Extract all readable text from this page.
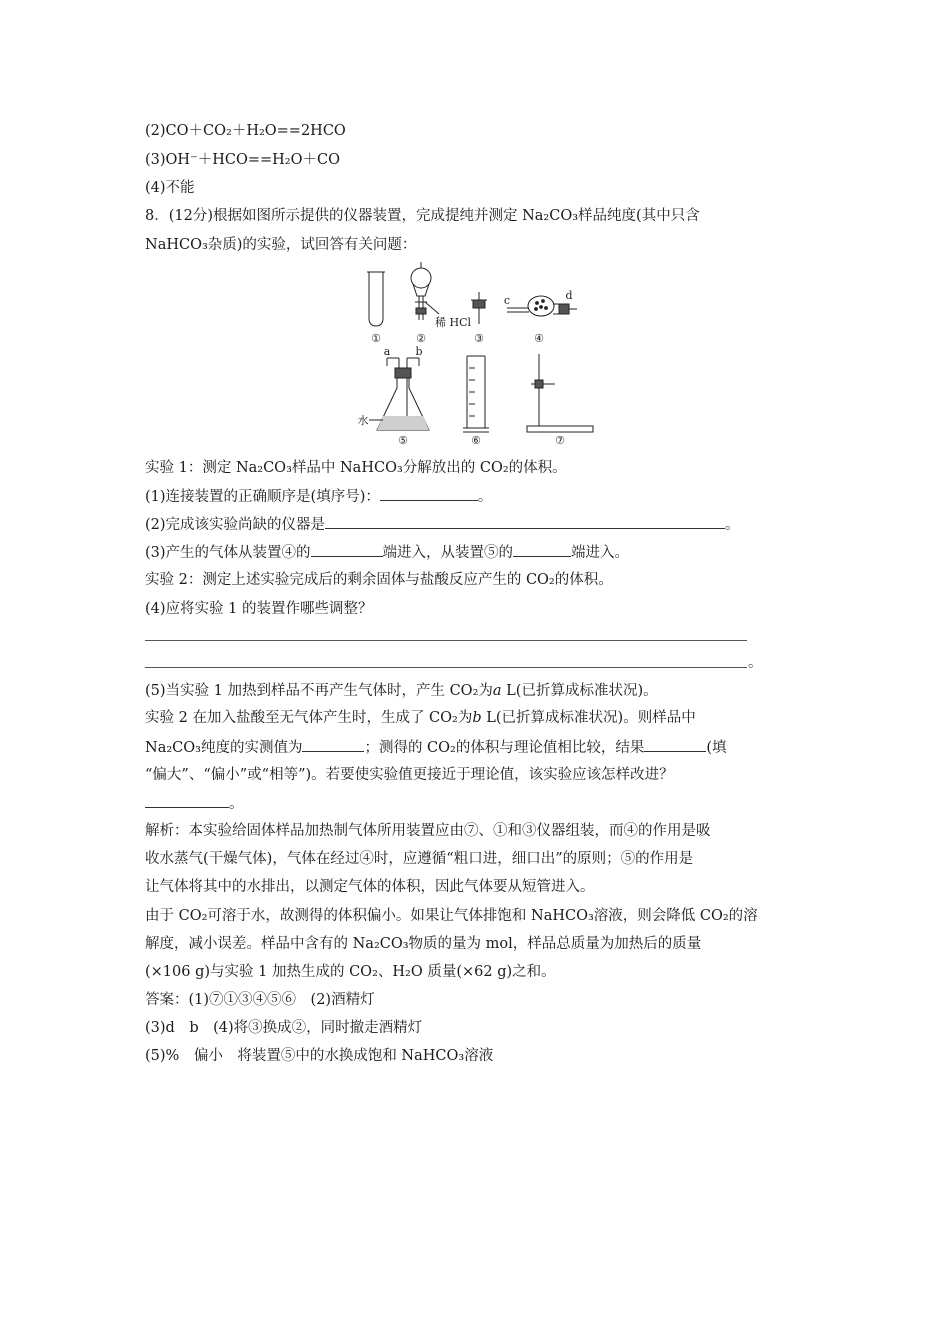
(2)CO＋CO₂＋H₂O==2HCO
(3)OH⁻＋HCO==H₂O＋CO
(4)不能
8．(12分)根据如图所示提供的仪器装置，完成提纯并测定 Na₂CO₃样品纯度(其中只含
NaHCO₃杂质)的实验，试回答有关问题：
①	②
稀 HCl
③
c	d
④
a b
水
⑤	⑥	⑦
实验 1：测定 Na₂CO₃样品中 NaHCO₃分解放出的 CO₂的体积。
(1)连接装置的正确顺序是(填序号)：	。
(2)完成该实验尚缺的仪器是	。
(3)产生的气体从装置④的	端进入，从装置⑤的	端进入。
实验 2：测定上述实验完成后的剩余固体与盐酸反应产生的 CO₂的体积。
(4)应将实验 1 的装置作哪些调整？
。
(5)当实验 1 加热到样品不再产生气体时，产生 CO₂为a L(已折算成标准状况)。
实验 2 在加入盐酸至无气体产生时，生成了 CO₂为b L(已折算成标准状况)。则样品中
Na₂CO₃纯度的实测值为	；测得的 CO₂的体积与理论值相比较，结果	(填
“偏大”、“偏小”或“相等”)。若要使实验值更接近于理论值，该实验应该怎样改进？
。
解析：本实验给固体样品加热制气体所用装置应由⑦、①和③仪器组装，而④的作用是吸
收水蒸气(干燥气体)，气体在经过④时，应遵循“粗口进，细口出”的原则；⑤的作用是
让气体将其中的水排出，以测定气体的体积，因此气体要从短管进入。
由于 CO₂可溶于水，故测得的体积偏小。如果让气体排饱和 NaHCO₃溶液，则会降低 CO₂的溶
解度，减小误差。样品中含有的 Na₂CO₃物质的量为 mol，样品总质量为加热后的质量
(×106 g)与实验 1 加热生成的 CO₂、H₂O 质量(×62 g)之和。
答案：(1)⑦①③④⑤⑥　(2)酒精灯
(3)d　b　(4)将③换成②，同时撤走酒精灯
(5)%　偏小　将装置⑤中的水换成饱和 NaHCO₃溶液
